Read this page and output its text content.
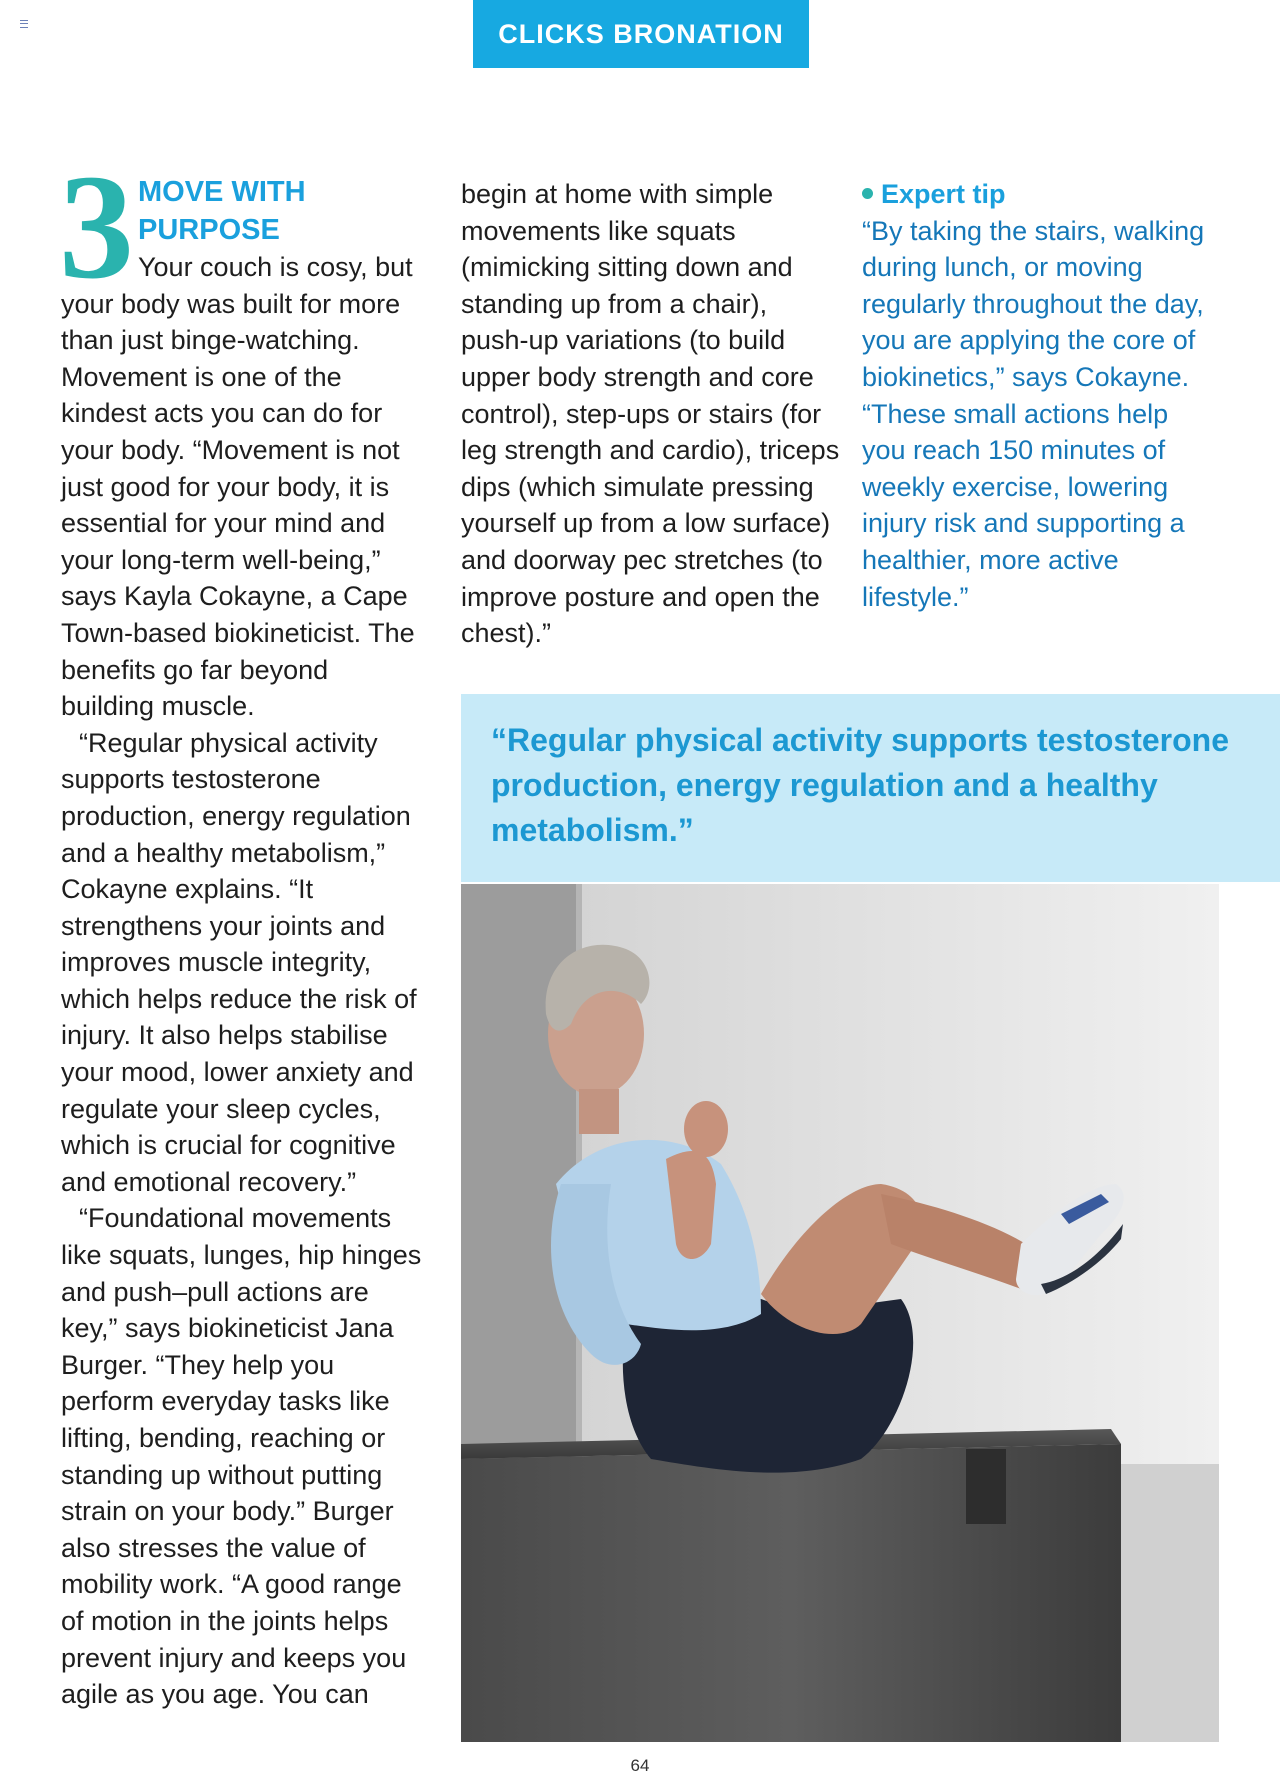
CLICKS BRONATION
3 MOVE WITH PURPOSE

Your couch is cosy, but your body was built for more than just binge-watching. Movement is one of the kindest acts you can do for your body. “Movement is not just good for your body, it is essential for your mind and your long-term well-being,” says Kayla Cokayne, a Cape Town-based biokineticist. The benefits go far beyond building muscle.

“Regular physical activity supports testosterone production, energy regulation and a healthy metabolism,” Cokayne explains. “It strengthens your joints and improves muscle integrity, which helps reduce the risk of injury. It also helps stabilise your mood, lower anxiety and regulate your sleep cycles, which is crucial for cognitive and emotional recovery.”

“Foundational movements like squats, lunges, hip hinges and push–pull actions are key,” says biokineticist Jana Burger. “They help you perform everyday tasks like lifting, bending, reaching or standing up without putting strain on your body.” Burger also stresses the value of mobility work. “A good range of motion in the joints helps prevent injury and keeps you agile as you age. You can

begin at home with simple movements like squats (mimicking sitting down and standing up from a chair), push-up variations (to build upper body strength and core control), step-ups or stairs (for leg strength and cardio), triceps dips (which simulate pressing yourself up from a low surface) and doorway pec stretches (to improve posture and open the chest).”

Expert tip

“By taking the stairs, walking during lunch, or moving regularly throughout the day, you are applying the core of biokinetics,” says Cokayne. “These small actions help you reach 150 minutes of weekly exercise, lowering injury risk and supporting a healthier, more active lifestyle.”

“Regular physical activity supports testosterone production, energy regulation and a healthy metabolism.”
64
